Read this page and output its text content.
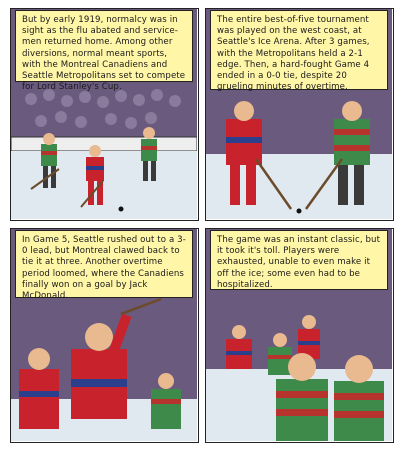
But by early 1919, normalcy was in sight as the flu abated and service-men returned home. Among other diversions, normal meant sports, with the Montreal Canadiens and Seattle Metropolitans set to compete for Lord Stanley's Cup.
The entire best-of-five tournament was played on the west coast, at Seattle's Ice Arena. After 3 games, with the Metropolitans held a 2-1 edge. Then, a hard-fought Game 4 ended in a 0-0 tie, despite 20 grueling minutes of overtime.
In Game 5, Seattle rushed out to a 3-0 lead, but Montreal clawed back to tie it at three. Another overtime period loomed, where the Canadiens finally won on a goal by Jack McDonald.
The game was an instant classic, but it took it's toll. Players were exhausted, unable to even make it off the ice; some even had to be hospitalized.
